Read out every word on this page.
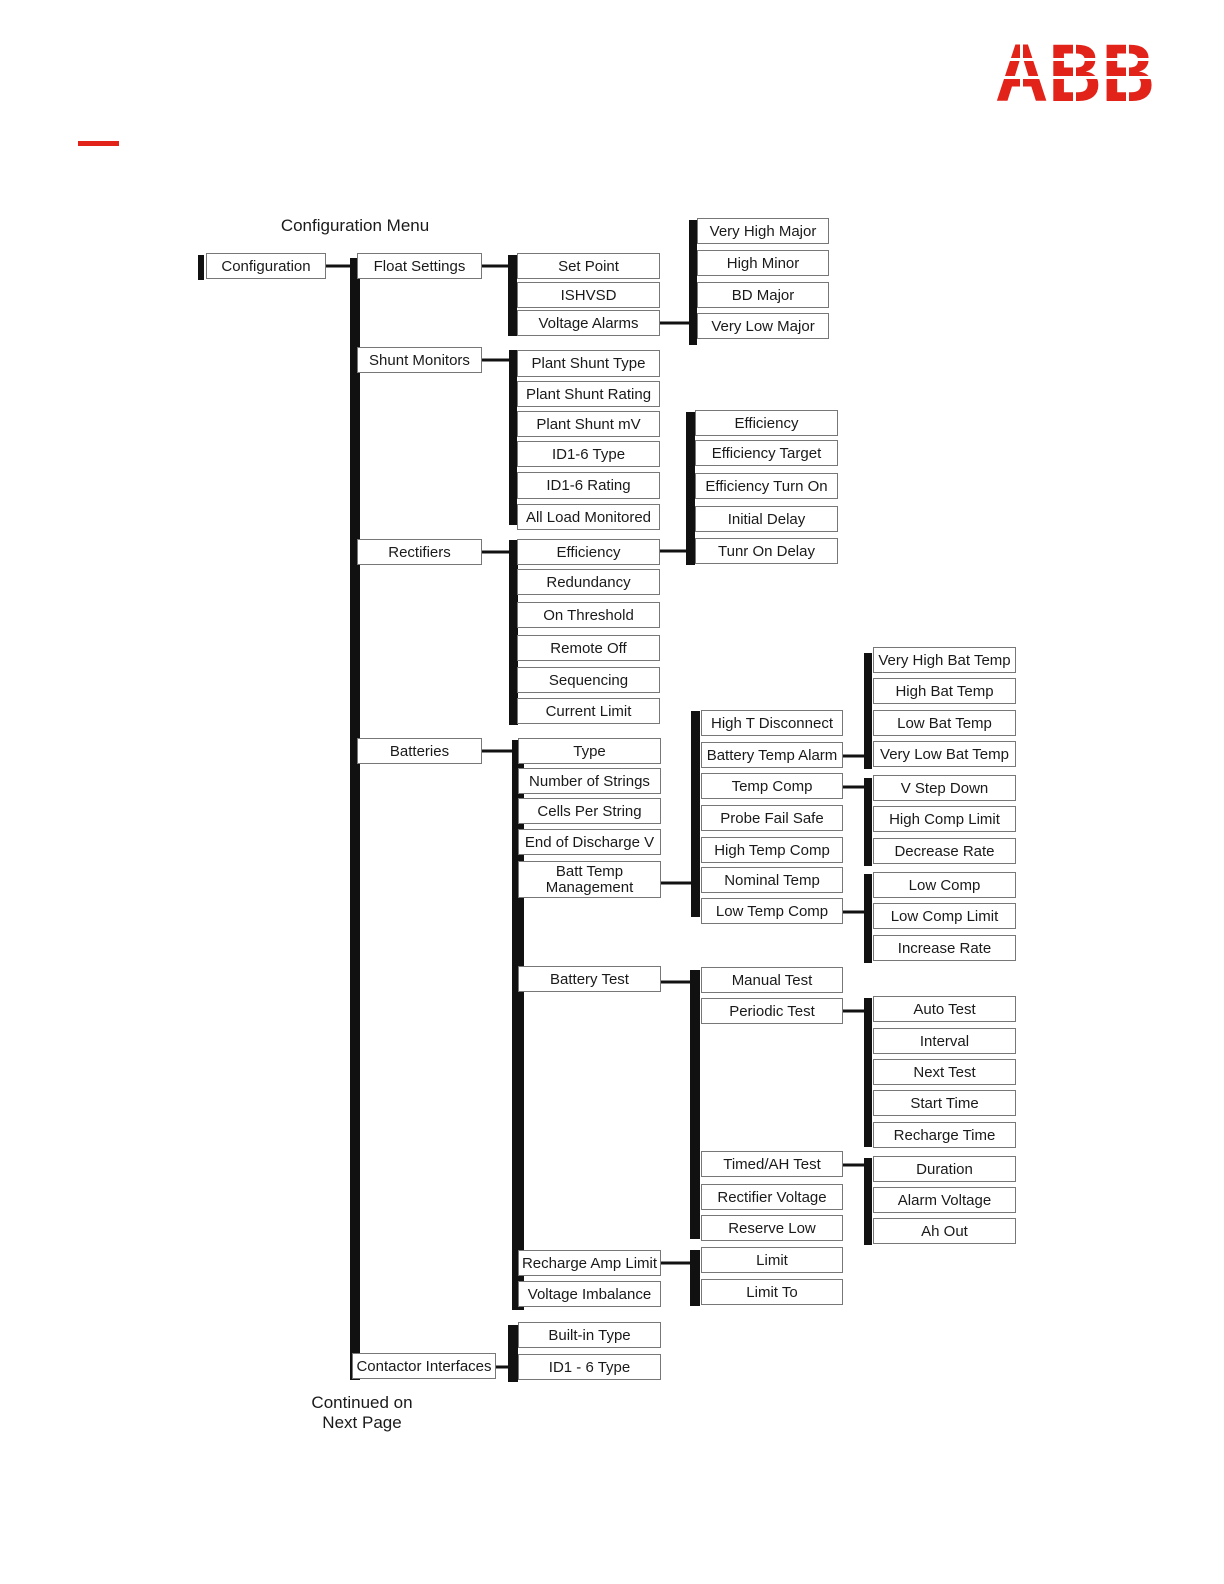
Configuration Menu
Configuration	Float Settings	Set Point
ISHVSD
Voltage Alarms
Very High Major
High Minor
BD Major
Very Low Major
Shunt Monitors	Plant Shunt Type
Plant Shunt Rating
Plant Shunt mV
ID1-6 Type
ID1-6 Rating
All Load Monitored
Rectifiers	Efficiency
Redundancy
On Threshold
Remote Off
Sequencing
Current Limit
Efficiency
Efficiency Target
Efficiency Turn On
Initial Delay
Tunr On Delay
Batteries	Type
Number of Strings
Cells Per String
End of Discharge V
Batt Temp
Management
Battery Test
Recharge Amp Limit
Voltage Imbalance
High T Disconnect
Battery Temp Alarm
Temp Comp
Probe Fail Safe
High Temp Comp
Nominal Temp
Low Temp Comp
Very High Bat Temp
High Bat Temp
Low Bat Temp
Very Low Bat Temp
V Step Down
High Comp Limit
Decrease Rate
Low Comp
Low Comp Limit
Increase Rate
Manual Test
Periodic Test
Timed/AH Test
Rectifier Voltage
Reserve Low
Auto Test
Interval
Next Test
Start Time
Recharge Time
Duration
Alarm Voltage
Ah Out
Limit
Limit To
Contactor Interfaces
Built-in Type
ID1 - 6 Type
Continued on
Next Page
